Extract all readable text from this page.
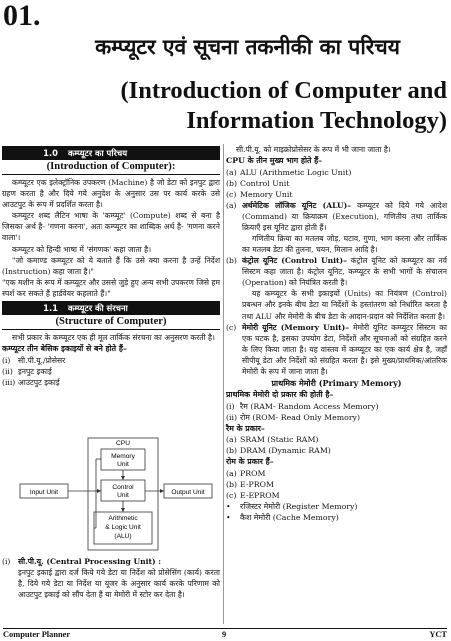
01.
कम्प्यूटर एवं सूचना तकनीकी का परिचय
(Introduction of Computer and
Information Technology)
1.0	कम्प्यूटर का परिचय
(Introduction of Computer):

कम्प्यूटर एक इलेक्ट्रॉनिक उपकरण (Machine) है जो डेटा को इनपुट द्वारा ग्रहण करता है और दिये गये अनुदेश के अनुसार उस पर कार्य करके उसे आउटपुट के रूप में प्रदर्शित करता है।

कम्प्यूटर शब्द लैटिन भाषा के 'कम्प्यूट' (Compute) शब्द से बना है जिसका अर्थ है- 'गणना करना', अतः कम्प्यूटर का शाब्दिक अर्थ है- 'गणना करने वाला'।

कम्प्यूटर को हिन्दी भाषा में 'संगणक' कहा जाता है।

"जो कमाण्ड कम्प्यूटर को ये बताते हैं कि उसे क्या करना है उन्हें निर्देश (Instruction) कहा जाता है।"

"एक मशीन के रूप में कम्प्यूटर और उससे जुड़े हुए अन्य सभी उपकरण जिसे हम स्पर्श कर सकते हैं हार्डवेयर कहलाते हैं।"

1.1	कम्प्यूटर की संरचना
(Structure of Computer)

सभी प्रकार के कम्प्यूटर एक ही मूल तार्किक संरचना का अनुसरण करती है।

कम्प्यूटर तीन बेसिक इकाइयों से बने होते हैं–

(i)	सी.पी.यू./प्रोसेसर
(ii) इनपुट इकाई
(iii) आउटपुट इकाई
CPU
Memory
Unit
Control
Unit
Arithmetic
& Logic Unit
(ALU)
Input Unit	Output Unit
(i)	सी.पी.यू. (Central Processing Unit) :

इनपुट इकाई द्वारा दर्ज किये गये डेटा या निर्देश को प्रोसेसिंग (कार्य) करता है, दिये गये डेटा या निर्देश या यूजर के अनुसार कार्य करके परिणाम को आउटपुट इकाई को सौंप देता है या मेमोरी में स्टोर कर देता है।

सी.पी.यू. को माइक्रोप्रोसेसर के रूप में भी जाना जाता है।

CPU के तीन मुख्य भाग होते हैं–

(a) ALU (Arithmetic Logic Unit)
(b) Control Unit
(c) Memory Unit
(a) अर्थमेटिक लॉजिक यूनिट (ALU)– कम्प्यूटर को दिये गये आदेश (Command) या क्रियाक्रम (Execution), गणितीय तथा तार्किक क्रियाएँ इस यूनिट द्वारा होती हैं।

गणितीय क्रिया का मतलब जोड़, घटाव, गुणा, भाग करना और तार्किक का मतलब डेटा की तुलना, चयन, मिलान आदि है।

(b) कंट्रोल यूनिट (Control Unit)– कंट्रोल यूनिट को कम्प्यूटर का नर्व सिस्टम कहा जाता है। कंट्रोल यूनिट, कम्प्यूटर के सभी भागों के संचालन (Operation) को नियंत्रित करती है।

यह कम्प्यूटर के सभी इकाइयों (Units) का नियंत्रण (Control) प्रबन्धन और इनके बीच डेटा या निर्देशों के हस्तांतरण को निर्धारित करता है तथा ALU और मेमोरी के बीच डेटा के आदान-प्रदान को निर्देशित करता है।

(c) मेमोरी यूनिट (Memory Unit)– मेमोरी यूनिट कम्प्यूटर सिस्टम का एक घटक है, इसका उपयोग डेटा, निर्देशों और सूचनाओं को संग्रहित करने के लिए किया जाता है। यह वास्तव में कम्प्यूटर का एक कार्य क्षेत्र है, जहाँ सीपीयू डेटा और निर्देशों को संग्रहित करता है। इसे मुख्य/प्राथमिक/आंतरिक मेमोरी के रूप में जाना जाता है।
प्राथमिक मेमोरी (Primary Memory)

प्राथमिक मेमोरी दो प्रकार की होती है–

(i) रैम (RAM- Random Access Memory)
(ii) रोम (ROM- Read Only Memory)

रैम के प्रकार–

(a) SRAM (Static RAM)
(b) DRAM (Dynamic RAM)

रोम के प्रकार हैं–

(a) PROM
(b) E-PROM
(c) E-EPROM
•	रजिस्टर मेमोरी (Register Memory)
•	कैश मेमोरी (Cache Memory)
Computer Planner	9	YCT
